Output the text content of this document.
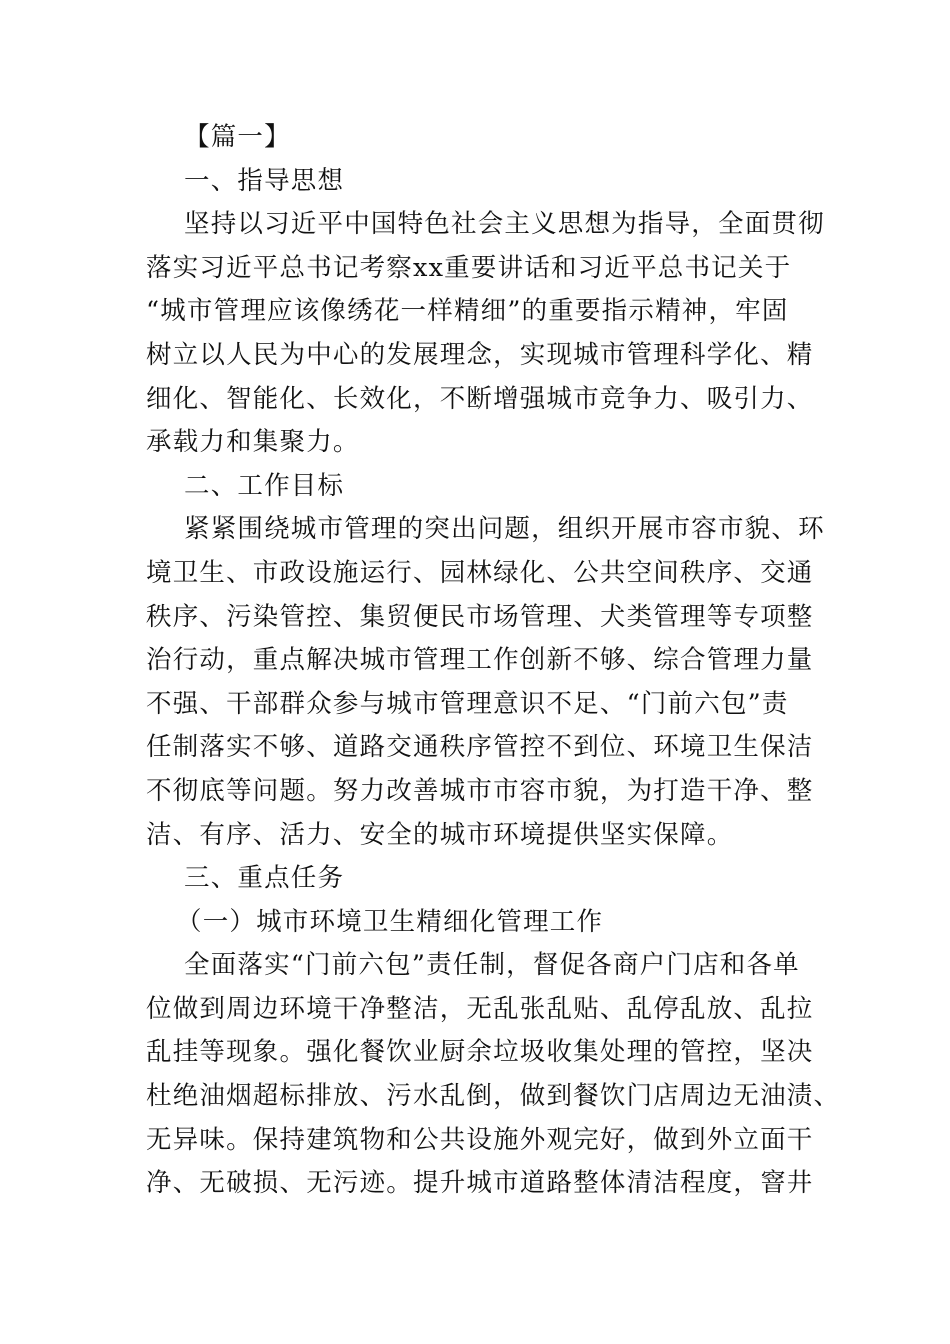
【篇一】
一、指导思想
坚持以习近平中国特色社会主义思想为指导，全面贯彻
落实习近平总书记考察xx重要讲话和习近平总书记关于
“城市管理应该像绣花一样精细”的重要指示精神，牢固
树立以人民为中心的发展理念，实现城市管理科学化、精
细化、智能化、长效化，不断增强城市竞争力、吸引力、
承载力和集聚力。
二、工作目标
紧紧围绕城市管理的突出问题，组织开展市容市貌、环
境卫生、市政设施运行、园林绿化、公共空间秩序、交通
秩序、污染管控、集贸便民市场管理、犬类管理等专项整
治行动，重点解决城市管理工作创新不够、综合管理力量
不强、干部群众参与城市管理意识不足、“门前六包”责
任制落实不够、道路交通秩序管控不到位、环境卫生保洁
不彻底等问题。努力改善城市市容市貌，为打造干净、整
洁、有序、活力、安全的城市环境提供坚实保障。
三、重点任务
（一）城市环境卫生精细化管理工作
全面落实“门前六包”责任制，督促各商户门店和各单
位做到周边环境干净整洁，无乱张乱贴、乱停乱放、乱拉
乱挂等现象。强化餐饮业厨余垃圾收集处理的管控，坚决
杜绝油烟超标排放、污水乱倒，做到餐饮门店周边无油渍、
无异味。保持建筑物和公共设施外观完好，做到外立面干
净、无破损、无污迹。提升城市道路整体清洁程度，窨井
